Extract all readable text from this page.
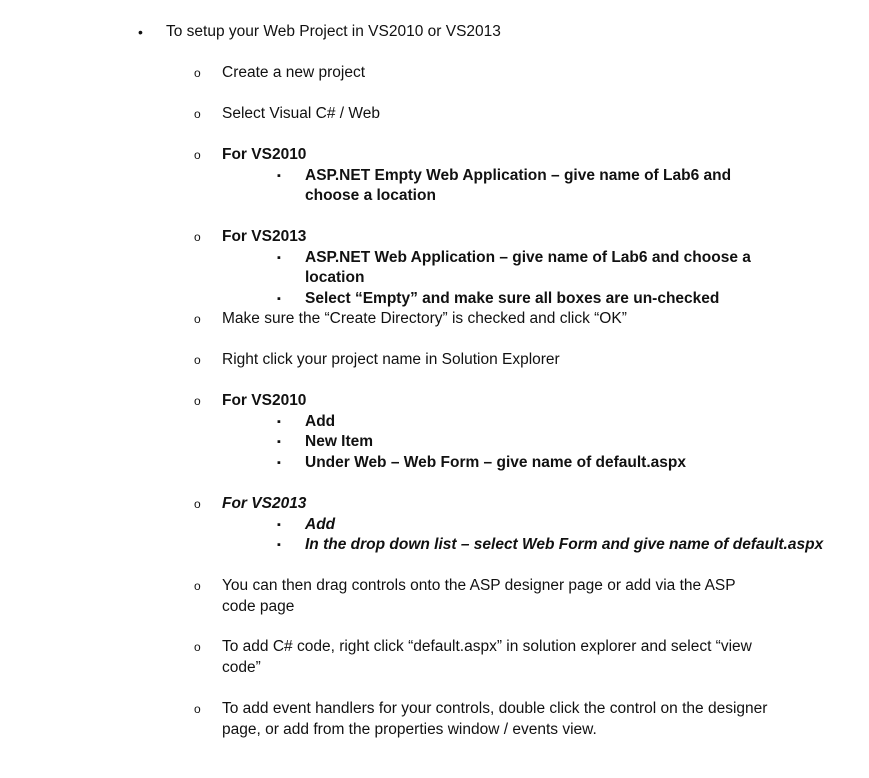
• To setup your Web Project in VS2010 or VS2013
o Create a new project
o Select Visual C# / Web
o For VS2010
▪ ASP.NET Empty Web Application – give name of Lab6 and choose a location
o For VS2013
▪ ASP.NET Web Application – give name of Lab6 and choose a location
▪ Select “Empty” and make sure all boxes are un-checked
o Make sure the “Create Directory” is checked and click “OK”
o Right click your project name in Solution Explorer
o For VS2010
▪ Add
▪ New Item
▪ Under Web – Web Form – give name of default.aspx
o For VS2013
▪ Add
▪ In the drop down list – select Web Form and give name of default.aspx
o You can then drag controls onto the ASP designer page or add via the ASP code page
o To add C# code, right click “default.aspx” in solution explorer and select “view code”
o To add event handlers for your controls, double click the control on the designer page, or add from the properties window / events view.
